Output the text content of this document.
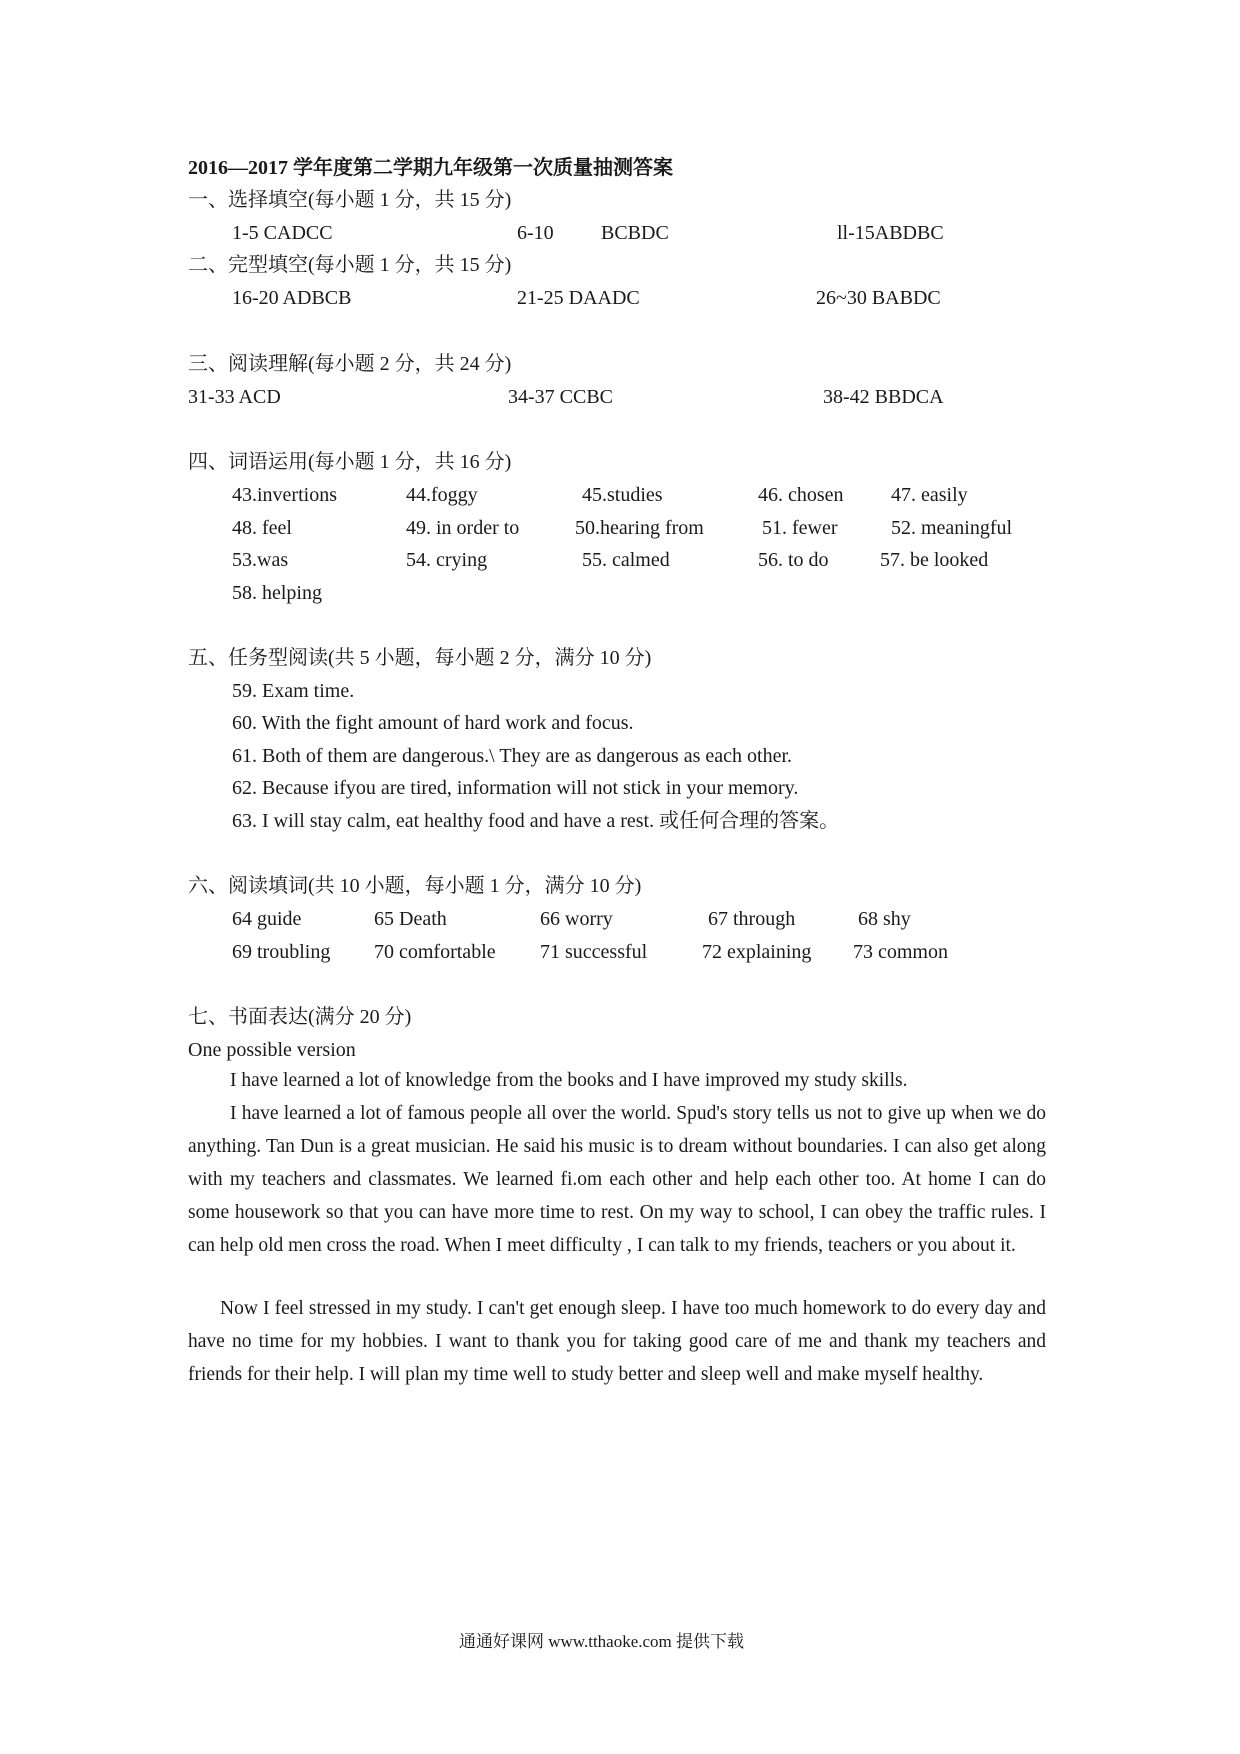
2016—2017 学年度第二学期九年级第一次质量抽测答案
一、选择填空(每小题 1 分，共 15 分)
1-5 CADCC	6-10 BCBDC	ll-15ABDBC
二、完型填空(每小题 1 分，共 15 分)
16-20 ADBCB	21-25 DAADC	26~30 BABDC
三、阅读理解(每小题 2 分，共 24 分)
31-33 ACD	34-37 CCBC	38-42 BBDCA
四、词语运用(每小题 1 分，共 16 分)
43.invertions	44.foggy	45.studies	46. chosen 47. easily
48. feel	49. in order to	50.hearing from	51. fewer	52. meaningful
53.was	54. crying	55. calmed	56. to do	57. be looked
58. helping
五、任务型阅读(共 5 小题，每小题 2 分，满分 10 分)
59. Exam time.
60. With the fight amount of hard work and focus.
61. Both of them are dangerous.\ They are as dangerous as each other.
62. Because ifyou are tired, information will not stick in your memory.
63. I will stay calm, eat healthy food and have a rest. 或任何合理的答案。
六、阅读填词(共 10 小题，每小题 1 分，满分 10 分)
64 guide	65 Death	66 worry	67 through	68 shy
69 troubling 70 comfortable 71 successful	72 explaining 73 common
七、书面表达(满分 20 分)
One possible version
I have learned a lot of knowledge from the books and I have improved my study skills.
I have learned a lot of famous people all over the world. Spud's story tells us not to give up when we do anything. Tan Dun is a great musician. He said his music is to dream without boundaries. I can also get along with my teachers and classmates. We learned fi.om each other and help each other too. At home I can do some housework so that you can have more time to rest. On my way to school, I can obey the traffic rules. I can help old men cross the road. When I meet difficulty , I can talk to my friends, teachers or you about it.
Now I feel stressed in my study. I can't get enough sleep. I have too much homework to do every day and have no time for my hobbies. I want to thank you for taking good care of me and thank my teachers and friends for their help. I will plan my time well to study better and sleep well and make myself healthy.
通通好课网 www.tthaoke.com 提供下载
